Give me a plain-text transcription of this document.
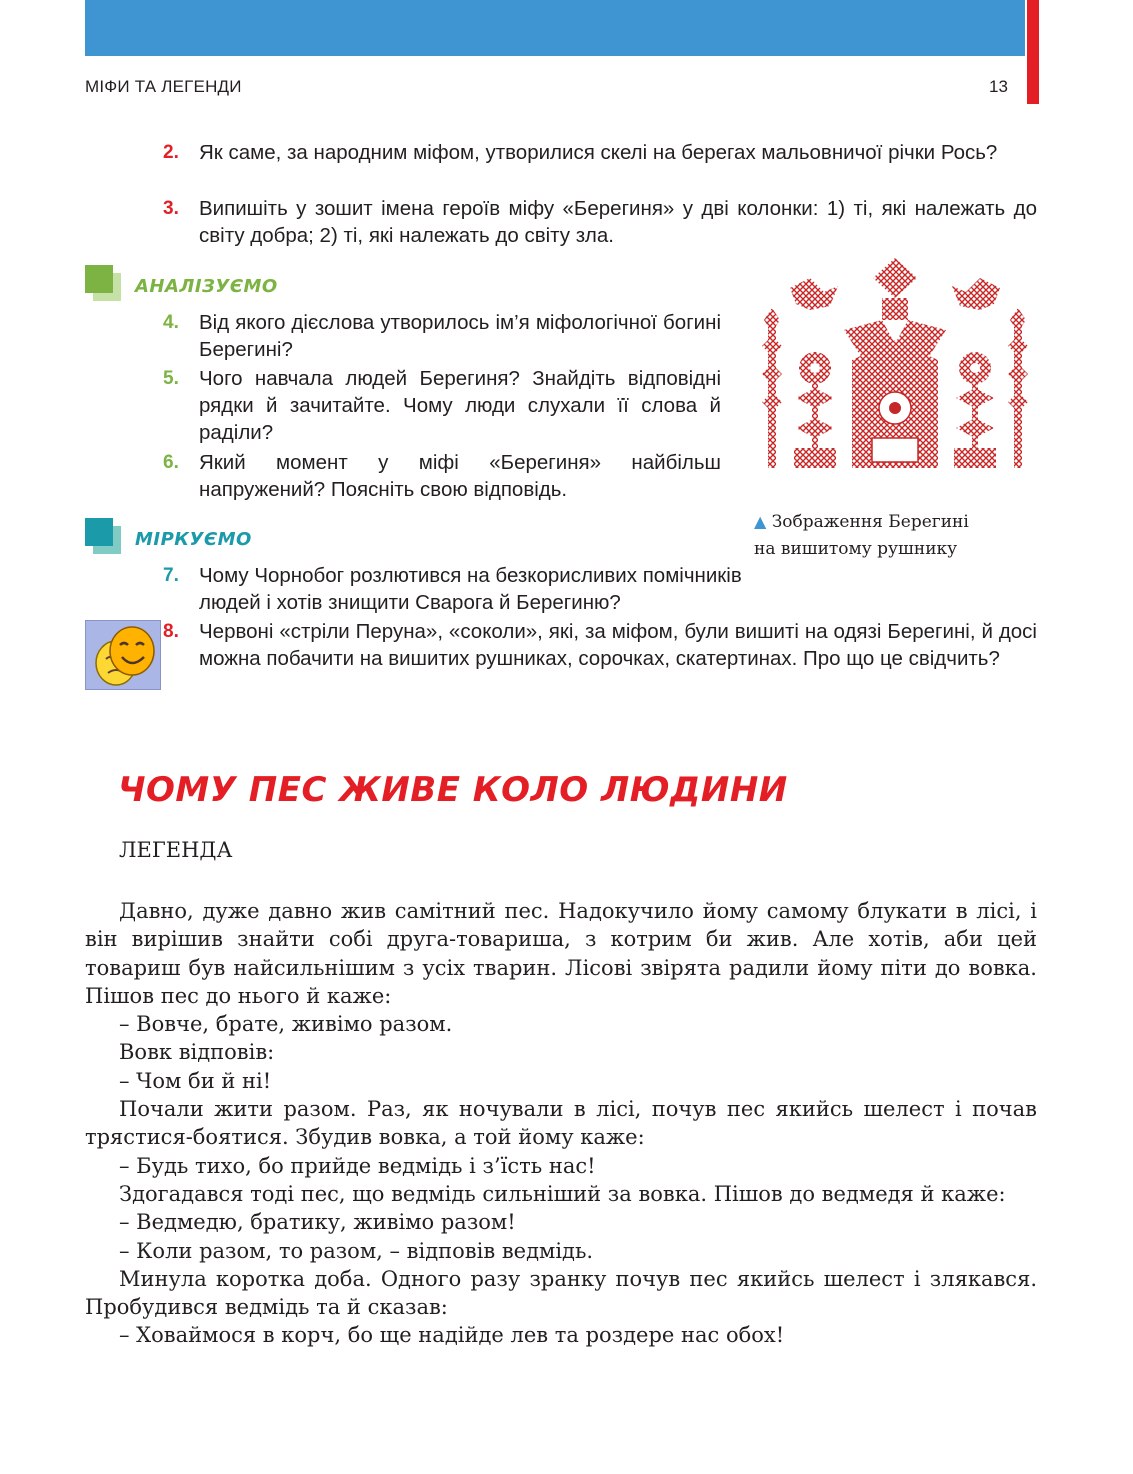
МІФИ ТА ЛЕГЕНДИ	13
2. Як саме, за народним міфом, утворилися скелі на берегах мальовничої річки Рось?
3. Випишіть у зошит імена героїв міфу «Берегиня» у дві колонки: 1) ті, які належать до світу добра; 2) ті, які належать до світу зла.
АНАЛІЗУЄМО
4. Від якого дієслова утворилось ім’я міфологічної богині Берегині?
5. Чого навчала людей Берегиня? Знайдіть відповідні рядки й зачитайте. Чому люди слухали її слова й раділи?
6. Який момент у міфі «Берегиня» найбільш напружений? Поясніть свою відповідь.
▲ Зображення Берегині
на вишитому рушнику
МІРКУЄМО
7. Чому Чорнобог розлютився на безкорисливих помічників людей і хотів знищити Сварога й Берегиню?
8. Червоні «стріли Перуна», «соколи», які, за міфом, були вишиті на одязі Берегині, й досі можна побачити на вишитих рушниках, сорочках, скатертинах. Про що це свідчить?
ЧОМУ ПЕС ЖИВЕ КОЛО ЛЮДИНИ
ЛЕГЕНДА

Давно, дуже давно жив самітний пес. Надокучило йому самому блукати в лісі, і він вирішив знайти собі друга-товариша, з котрим би жив. Але хотів, аби цей товариш був найсильнішим з усіх тварин. Лісові звірята радили йому піти до вовка. Пішов пес до нього й каже:

– Вовче, брате, живімо разом.

Вовк відповів:

– Чом би й ні!

Почали жити разом. Раз, як ночували в лісі, почув пес якийсь шелест і почав трястися-боятися. Збудив вовка, а той йому каже:

– Будь тихо, бо прийде ведмідь і з’їсть нас!

Здогадався тоді пес, що ведмідь сильніший за вовка. Пішов до ведмедя й каже:

– Ведмедю, братику, живімо разом!

– Коли разом, то разом, – відповів ведмідь.

Минула коротка доба. Одного разу зранку почув пес якийсь шелест і злякався. Пробудився ведмідь та й сказав:

– Ховаймося в корч, бо ще надійде лев та роздере нас обох!
